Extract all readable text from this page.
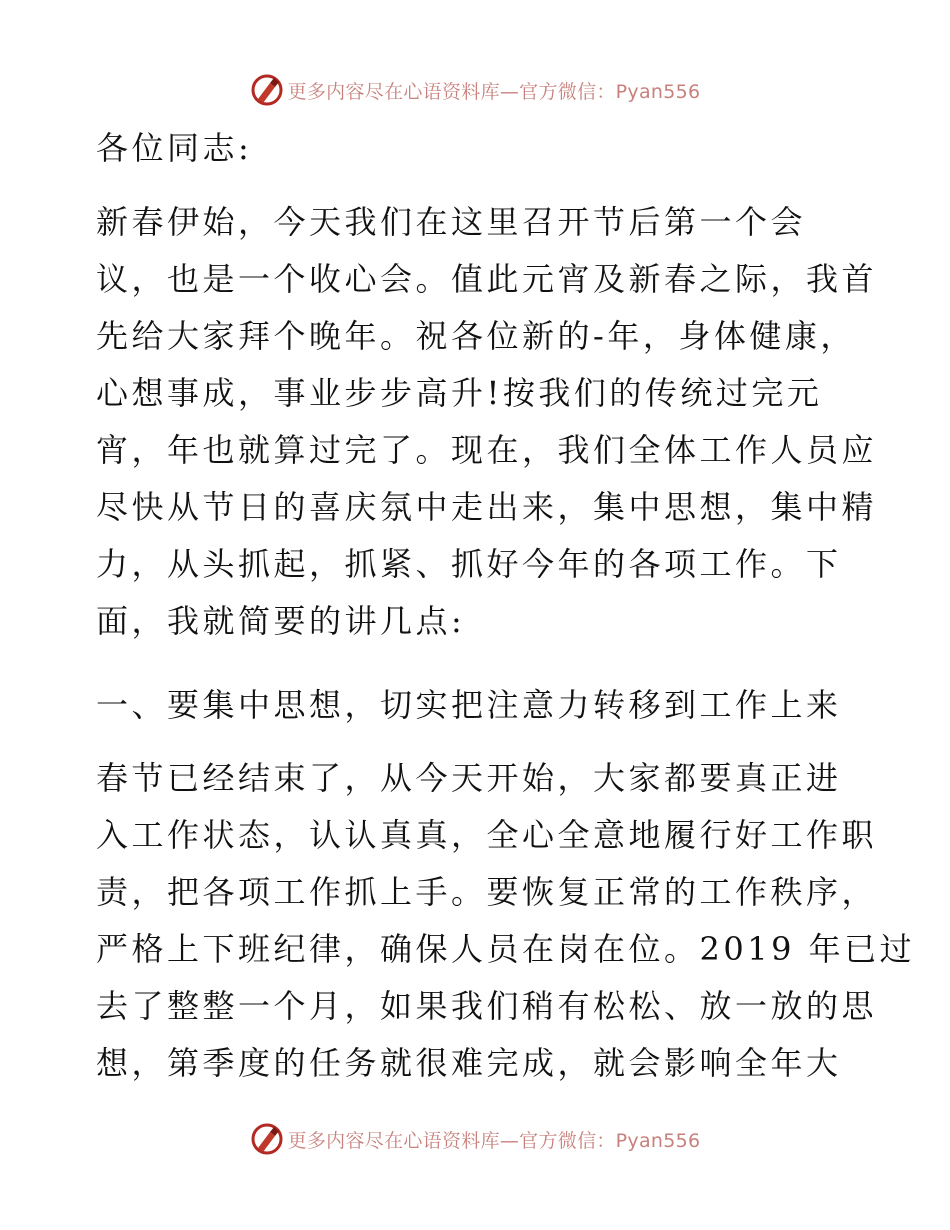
更多内容尽在心语资料库—官方微信：Pyan556
各位同志:
新春伊始，今天我们在这里召开节后第一个会
议，也是一个收心会。值此元宵及新春之际，我首
先给大家拜个晚年。祝各位新的-年，身体健康，
心想事成，事业步步高升!按我们的传统过完元
宵，年也就算过完了。现在，我们全体工作人员应
尽快从节日的喜庆氛中走出来，集中思想，集中精
力，从头抓起，抓紧、抓好今年的各项工作。下
面，我就简要的讲几点:
一、要集中思想，切实把注意力转移到工作上来
春节已经结束了，从今天开始，大家都要真正进
入工作状态，认认真真，全心全意地履行好工作职
责，把各项工作抓上手。要恢复正常的工作秩序，
严格上下班纪律，确保人员在岗在位。2019 年已过
去了整整一个月，如果我们稍有松松、放一放的思
想，第季度的任务就很难完成，就会影响全年大
更多内容尽在心语资料库—官方微信：Pyan556
